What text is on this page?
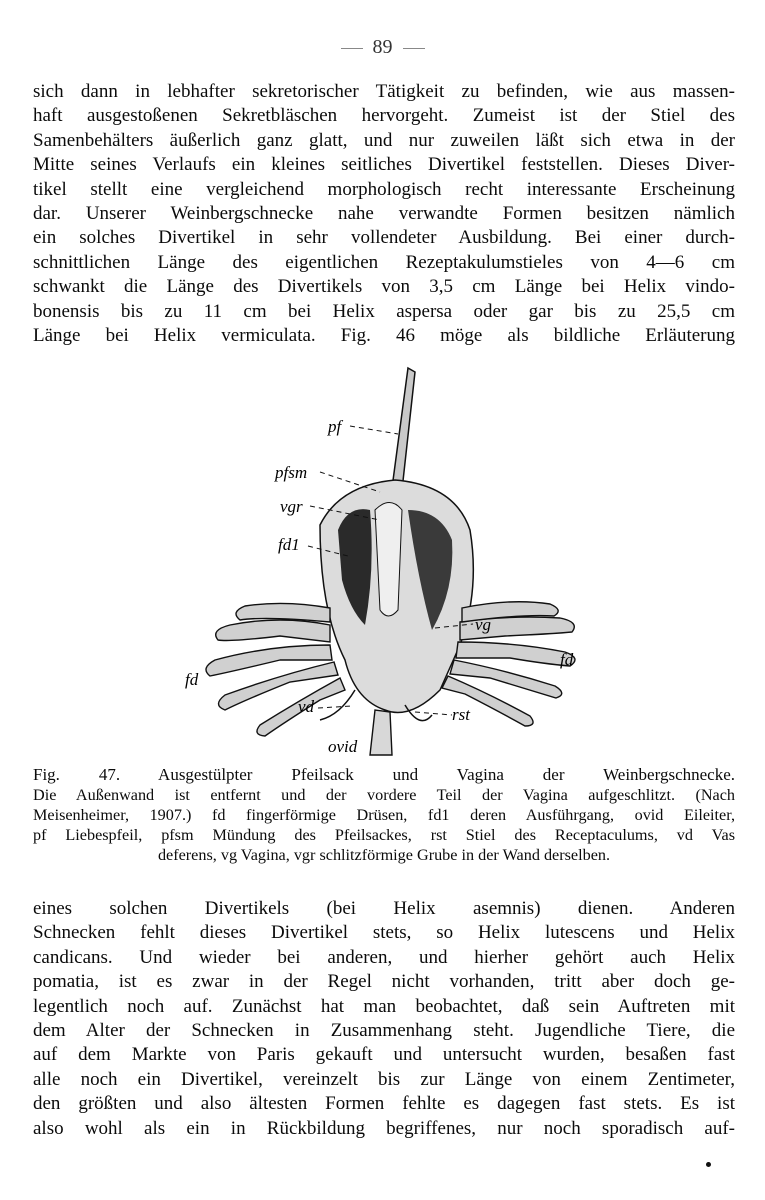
89
sich dann in lebhafter sekretorischer Tätigkeit zu befinden, wie aus massen-
haft ausgestoßenen Sekretbläschen hervorgeht. Zumeist ist der Stiel des
Samenbehälters äußerlich ganz glatt, und nur zuweilen läßt sich etwa in der
Mitte seines Verlaufs ein kleines seitliches Divertikel feststellen. Dieses Diver-
tikel stellt eine vergleichend morphologisch recht interessante Erscheinung
dar. Unserer Weinbergschnecke nahe verwandte Formen besitzen nämlich
ein solches Divertikel in sehr vollendeter Ausbildung. Bei einer durch-
schnittlichen Länge des eigentlichen Rezeptakulumstieles von 4—6 cm
schwankt die Länge des Divertikels von 3,5 cm Länge bei Helix vindo-
bonensis bis zu 11 cm bei Helix aspersa oder gar bis zu 25,5 cm
Länge bei Helix vermiculata. Fig. 46 möge als bildliche Erläuterung
pf
pfsm
vgr
fd1
fd
fd
vg
vd	rst
ovid
Fig. 47. Ausgestülpter Pfeilsack und Vagina der Weinbergschnecke.
Die Außenwand ist entfernt und der vordere Teil der Vagina aufgeschlitzt. (Nach
Meisenheimer, 1907.) fd fingerförmige Drüsen, fd1 deren Ausführgang, ovid Eileiter,
pf Liebespfeil, pfsm Mündung des Pfeilsackes, rst Stiel des Receptaculums, vd Vas
deferens, vg Vagina, vgr schlitzförmige Grube in der Wand derselben.
eines solchen Divertikels (bei Helix asemnis) dienen. Anderen
Schnecken fehlt dieses Divertikel stets, so Helix lutescens und Helix
candicans. Und wieder bei anderen, und hierher gehört auch Helix
pomatia, ist es zwar in der Regel nicht vorhanden, tritt aber doch ge-
legentlich noch auf. Zunächst hat man beobachtet, daß sein Auftreten mit
dem Alter der Schnecken in Zusammenhang steht. Jugendliche Tiere, die
auf dem Markte von Paris gekauft und untersucht wurden, besaßen fast
alle noch ein Divertikel, vereinzelt bis zur Länge von einem Zentimeter,
den größten und also ältesten Formen fehlte es dagegen fast stets. Es ist
also wohl als ein in Rückbildung begriffenes, nur noch sporadisch auf-
